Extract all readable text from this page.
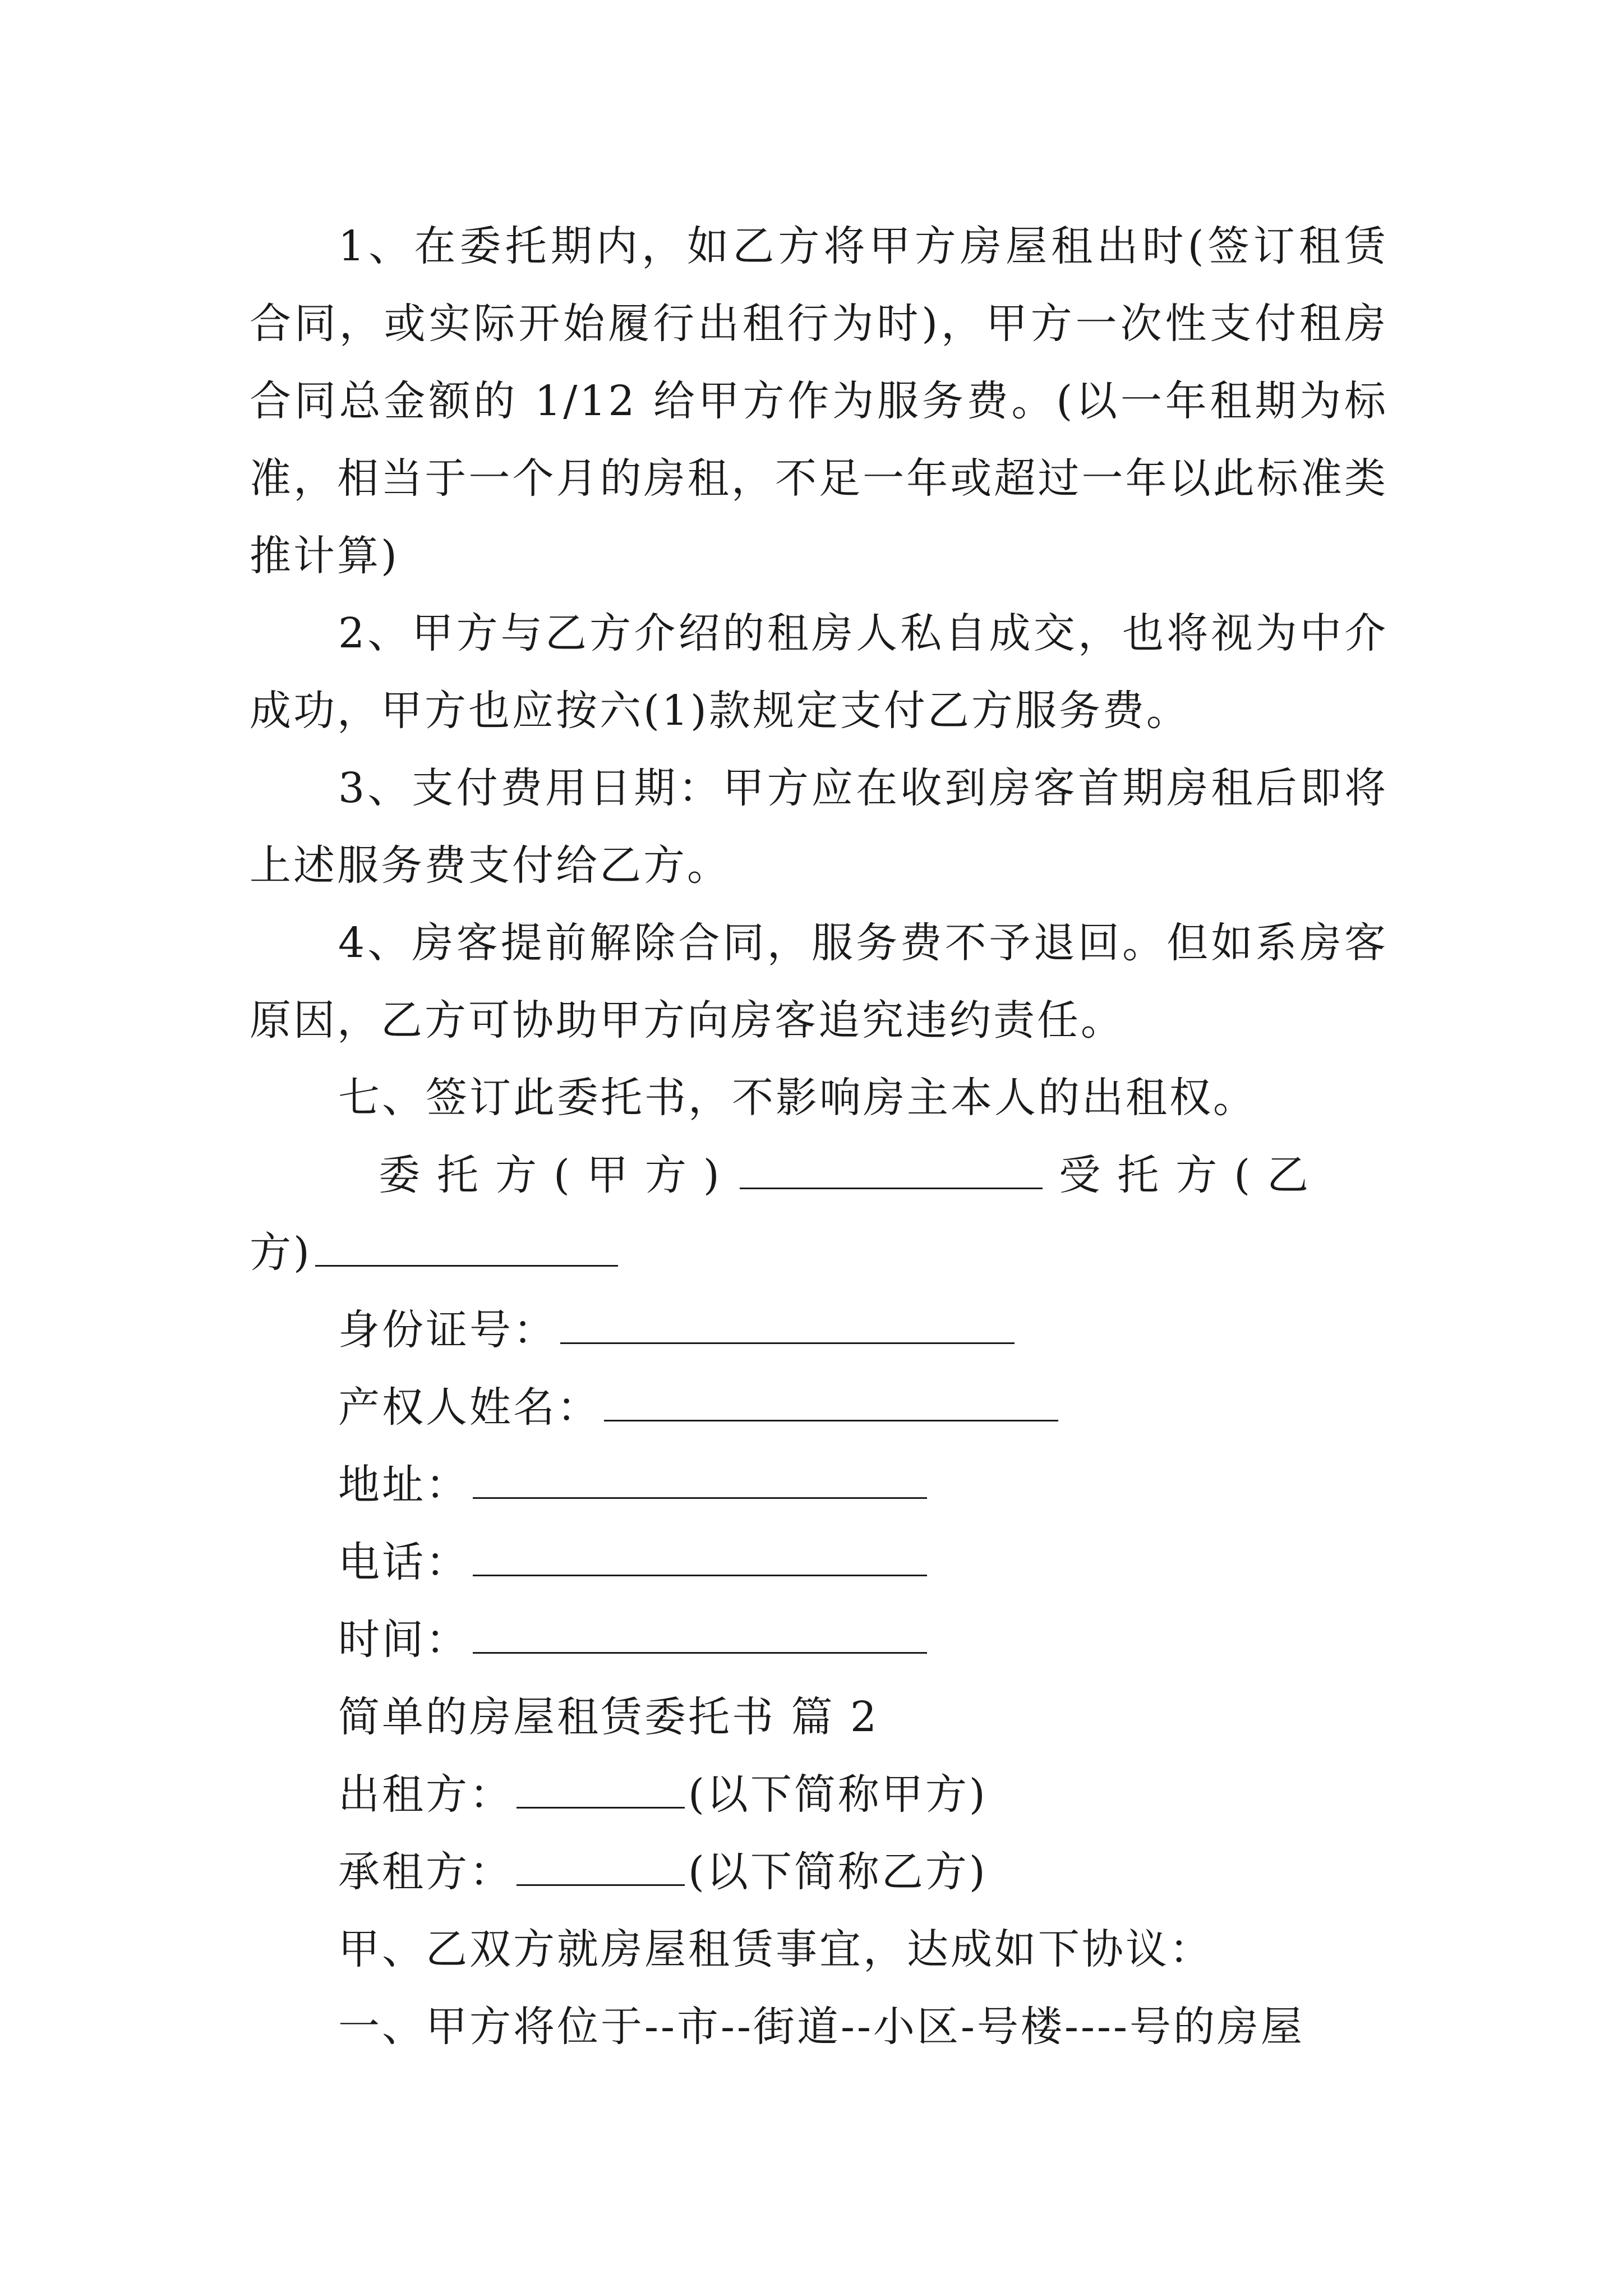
1、在委托期内，如乙方将甲方房屋租出时(签订租赁合同，或实际开始履行出租行为时)，甲方一次性支付租房合同总金额的 1/12 给甲方作为服务费。(以一年租期为标准，相当于一个月的房租，不足一年或超过一年以此标准类推计算)

2、甲方与乙方介绍的租房人私自成交，也将视为中介成功，甲方也应按六(1)款规定支付乙方服务费。

3、支付费用日期：甲方应在收到房客首期房租后即将上述服务费支付给乙方。

4、房客提前解除合同，服务费不予退回。但如系房客原因，乙方可协助甲方向房客追究违约责任。

七、签订此委托书，不影响房主本人的出租权。

委托方(甲方)	受托方(乙

方)

身份证号：

产权人姓名：

地址：

电话：

时间：

简单的房屋租赁委托书 篇 2

出租方：	(以下简称甲方)

承租方：	(以下简称乙方)

甲、乙双方就房屋租赁事宜，达成如下协议：

一、甲方将位于--市--街道--小区-号楼----号的房屋
